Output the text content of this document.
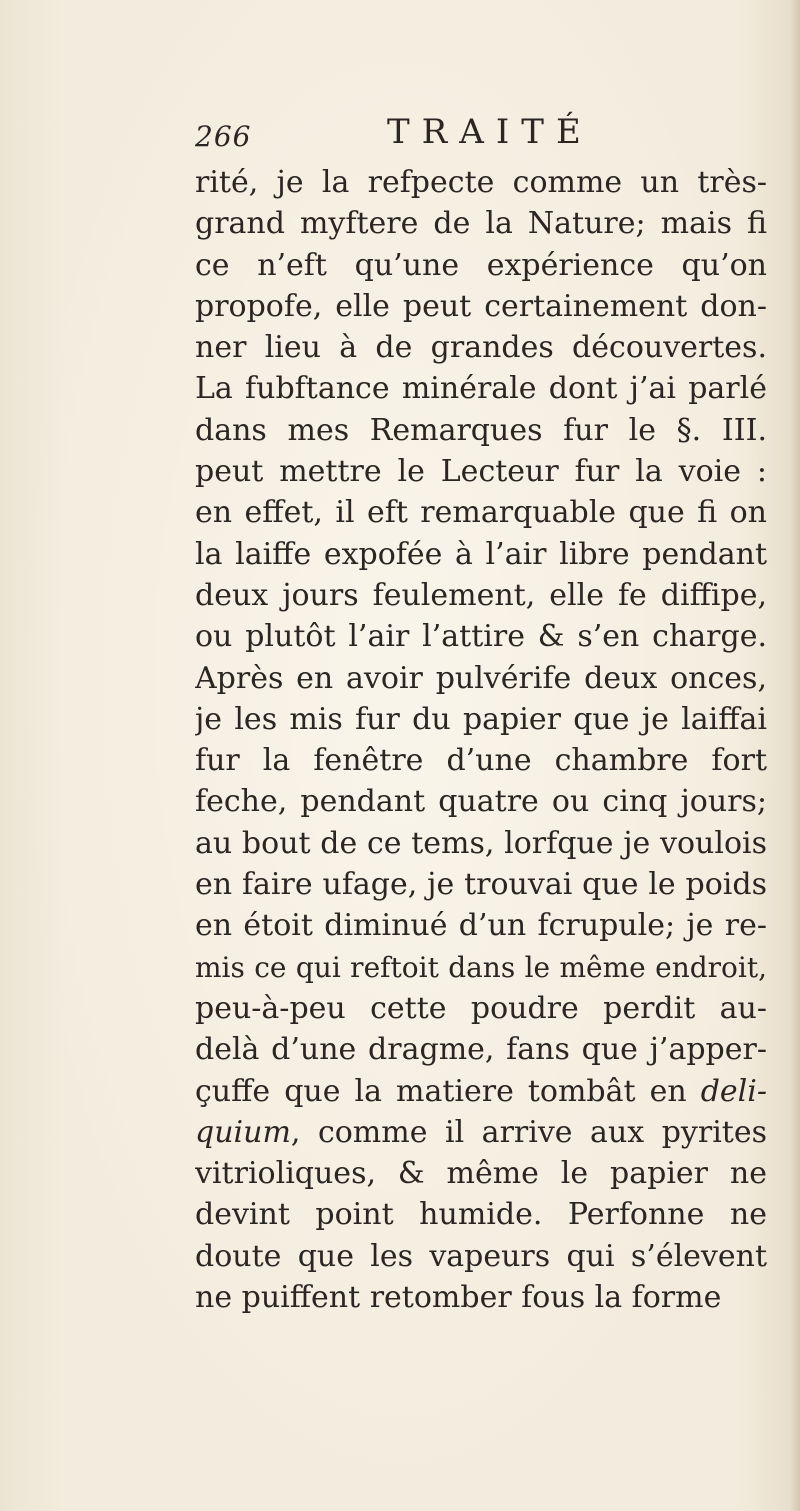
266	TRAITÉ
rité, je la refpecte comme un très-
grand myftere de la Nature; mais fi
ce n’eft qu’une expérience qu’on
propofe, elle peut certainement don-
ner lieu à de grandes découvertes.
La fubftance minérale dont j’ai parlé
dans mes Remarques fur le §. III.
peut mettre le Lecteur fur la voie :
en effet, il eft remarquable que fi on
la laiffe expofée à l’air libre pendant
deux jours feulement, elle fe diffipe,
ou plutôt l’air l’attire & s’en charge.
Après en avoir pulvérife deux onces,
je les mis fur du papier que je laiffai
fur la fenêtre d’une chambre fort
feche, pendant quatre ou cinq jours;
au bout de ce tems, lorfque je voulois
en faire ufage, je trouvai que le poids
en étoit diminué d’un fcrupule; je re-
mis ce qui reftoit dans le même endroit,
peu-à-peu cette poudre perdit au-
delà d’une dragme, fans que j’apper-
çuffe que la matiere tombât en deli-
quium, comme il arrive aux pyrites
vitrioliques, & même le papier ne
devint point humide. Perfonne ne
doute que les vapeurs qui s’élevent
ne puiffent retomber fous la forme
